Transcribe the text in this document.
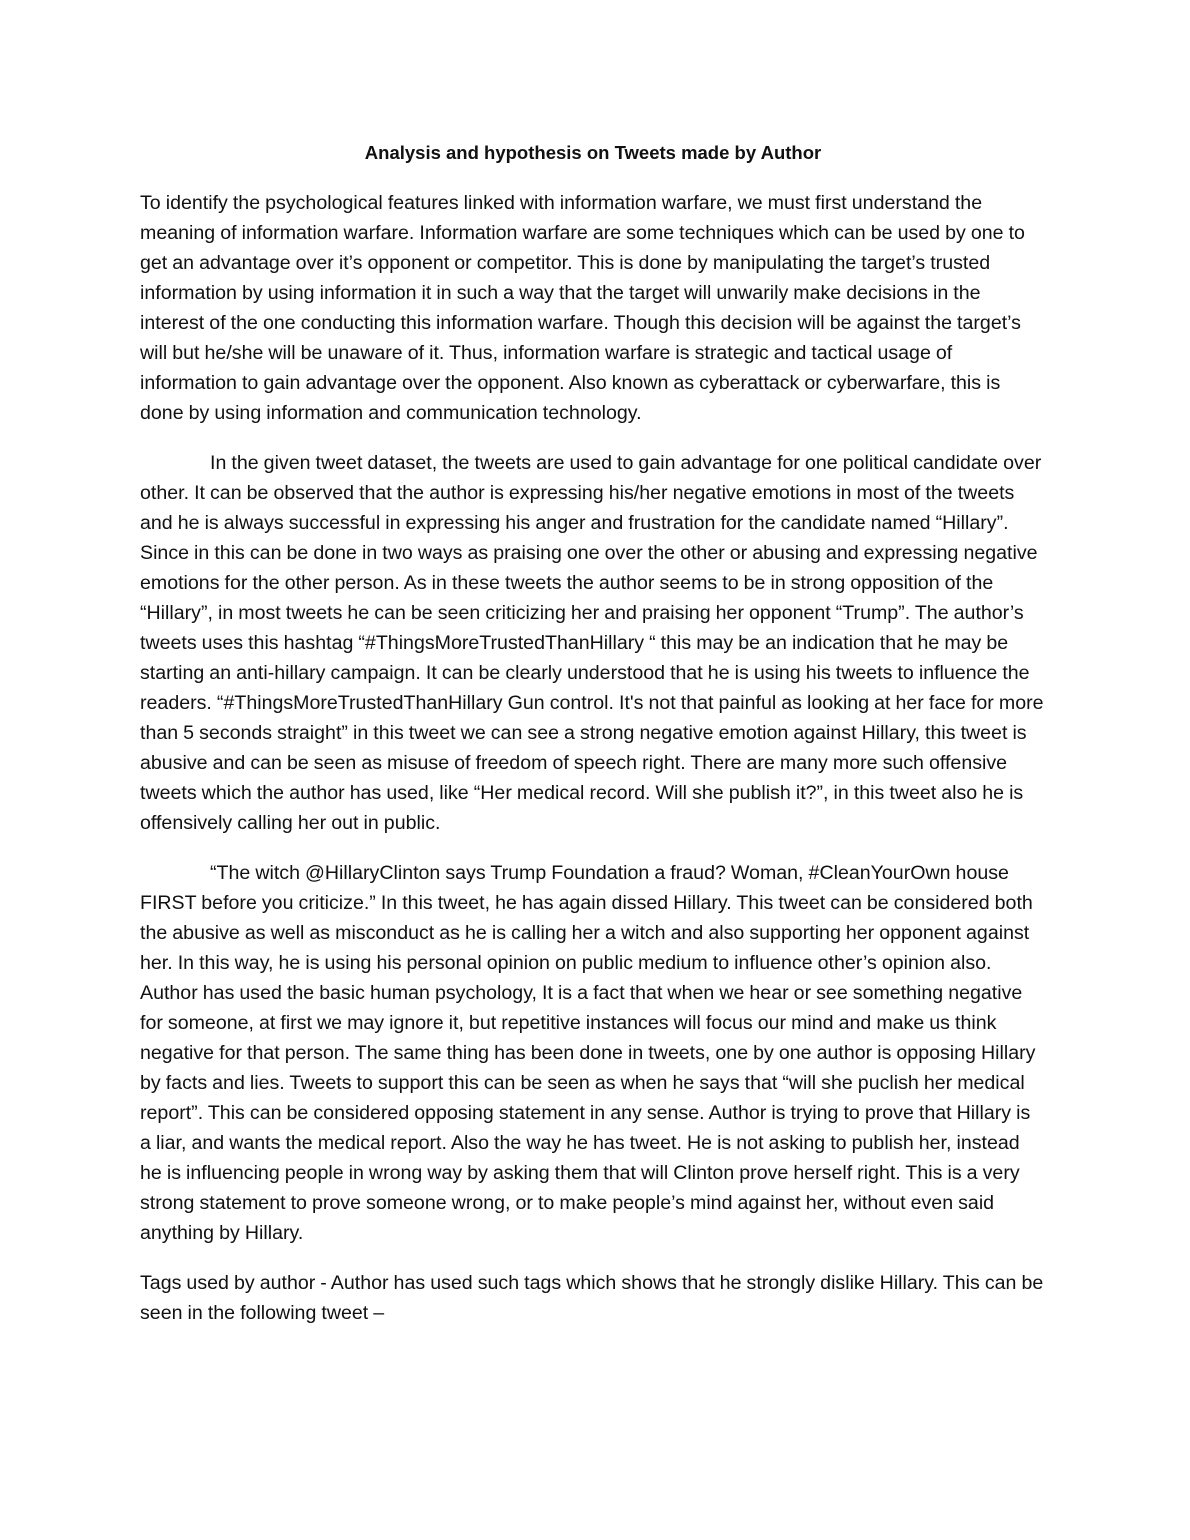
Analysis and hypothesis on Tweets made by Author

To identify the psychological features linked with information warfare, we must first understand the meaning of information warfare. Information warfare are some techniques which can be used by one to get an advantage over it’s opponent or competitor. This is done by manipulating the target’s trusted information by using information it in such a way that the target will unwarily make decisions in the interest of the one conducting this information warfare. Though this decision will be against the target’s will but he/she will be unaware of it. Thus, information warfare is strategic and tactical usage of information to gain advantage over the opponent. Also known as cyberattack or cyberwarfare, this is done by using information and communication technology.

In the given tweet dataset, the tweets are used to gain advantage for one political candidate over other. It can be observed that the author is expressing his/her negative emotions in most of the tweets and he is always successful in expressing his anger and frustration for the candidate named “Hillary”. Since in this can be done in two ways as praising one over the other or abusing and expressing negative emotions for the other person. As in these tweets the author seems to be in strong opposition of the “Hillary”, in most tweets he can be seen criticizing her and praising her opponent “Trump”. The author’s tweets uses this hashtag “#ThingsMoreTrustedThanHillary “ this may be an indication that he may be starting an anti-hillary campaign. It can be clearly understood that he is using his tweets to influence the readers. “#ThingsMoreTrustedThanHillary Gun control. It's not that painful as looking at her face for more than 5 seconds straight” in this tweet we can see a strong negative emotion against Hillary, this tweet is abusive and can be seen as misuse of freedom of speech right. There are many more such offensive tweets which the author has used, like “Her medical record. Will she publish it?”, in this tweet also he is offensively calling her out in public.

“The witch @HillaryClinton says Trump Foundation a fraud? Woman, #CleanYourOwn house FIRST before you criticize.” In this tweet, he has again dissed Hillary. This tweet can be considered both the abusive as well as misconduct as he is calling her a witch and also supporting her opponent against her. In this way, he is using his personal opinion on public medium to influence other’s opinion also. Author has used the basic human psychology, It is a fact that when we hear or see something negative for someone, at first we may ignore it, but repetitive instances will focus our mind and make us think negative for that person. The same thing has been done in tweets, one by one author is opposing Hillary by facts and lies. Tweets to support this can be seen as when he says that “will she puclish her medical report”. This can be considered opposing statement in any sense. Author is trying to prove that Hillary is a liar, and wants the medical report. Also the way he has tweet. He is not asking to publish her, instead he is influencing people in wrong way by asking them that will Clinton prove herself right. This is a very strong statement to prove someone wrong, or to make people’s mind against her, without even said anything by Hillary.

Tags used by author - Author has used such tags which shows that he strongly dislike Hillary. This can be seen in the following tweet –
